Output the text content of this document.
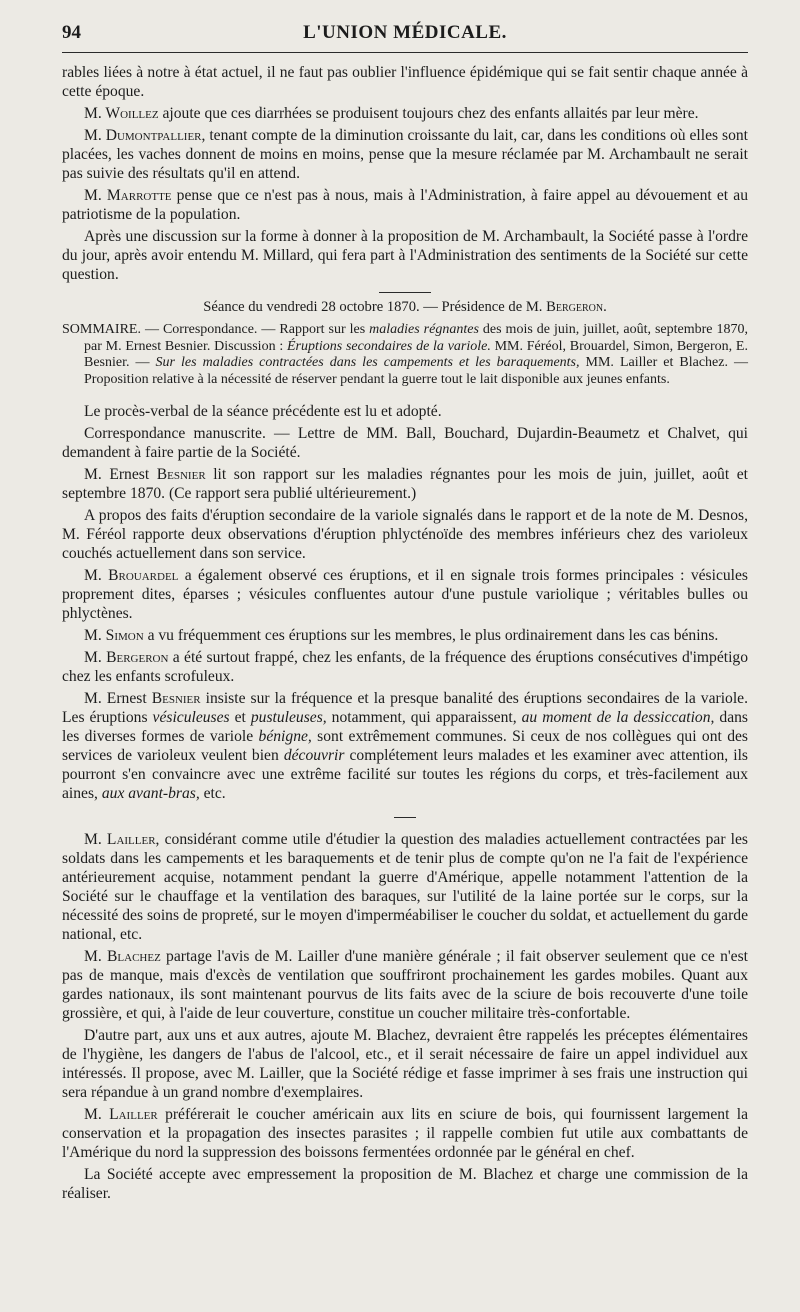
94	L'UNION MÉDICALE.

rables liées à notre à état actuel, il ne faut pas oublier l'influence épidémique qui se fait sentir chaque année à cette époque.

M. Woillez ajoute que ces diarrhées se produisent toujours chez des enfants allaités par leur mère.

M. Dumontpallier, tenant compte de la diminution croissante du lait, car, dans les conditions où elles sont placées, les vaches donnent de moins en moins, pense que la mesure réclamée par M. Archambault ne serait pas suivie des résultats qu'il en attend.

M. Marrotte pense que ce n'est pas à nous, mais à l'Administration, à faire appel au dévouement et au patriotisme de la population.

Après une discussion sur la forme à donner à la proposition de M. Archambault, la Société passe à l'ordre du jour, après avoir entendu M. Millard, qui fera part à l'Administration des sentiments de la Société sur cette question.

Séance du vendredi 28 octobre 1870. — Présidence de M. Bergeron.

SOMMAIRE. — Correspondance. — Rapport sur les maladies régnantes des mois de juin, juillet, août, septembre 1870, par M. Ernest Besnier. Discussion : Éruptions secondaires de la variole. MM. Féréol, Brouardel, Simon, Bergeron, E. Besnier. — Sur les maladies contractées dans les campements et les baraquements, MM. Lailler et Blachez. — Proposition relative à la nécessité de réserver pendant la guerre tout le lait disponible aux jeunes enfants.

Le procès-verbal de la séance précédente est lu et adopté.

Correspondance manuscrite. — Lettre de MM. Ball, Bouchard, Dujardin-Beaumetz et Chalvet, qui demandent à faire partie de la Société.

M. Ernest Besnier lit son rapport sur les maladies régnantes pour les mois de juin, juillet, août et septembre 1870. (Ce rapport sera publié ultérieurement.)

A propos des faits d'éruption secondaire de la variole signalés dans le rapport et de la note de M. Desnos, M. Féréol rapporte deux observations d'éruption phlycténoïde des membres inférieurs chez des varioleux couchés actuellement dans son service.

M. Brouardel a également observé ces éruptions, et il en signale trois formes principales : vésicules proprement dites, éparses ; vésicules confluentes autour d'une pustule variolique ; véritables bulles ou phlyctènes.

M. Simon a vu fréquemment ces éruptions sur les membres, le plus ordinairement dans les cas bénins.

M. Bergeron a été surtout frappé, chez les enfants, de la fréquence des éruptions consécutives d'impétigo chez les enfants scrofuleux.

M. Ernest Besnier insiste sur la fréquence et la presque banalité des éruptions secondaires de la variole. Les éruptions vésiculeuses et pustuleuses, notamment, qui apparaissent, au moment de la dessiccation, dans les diverses formes de variole bénigne, sont extrêmement communes. Si ceux de nos collègues qui ont des services de varioleux veulent bien découvrir complétement leurs malades et les examiner avec attention, ils pourront s'en convaincre avec une extrême facilité sur toutes les régions du corps, et très-facilement aux aines, aux avant-bras, etc.

M. Lailler, considérant comme utile d'étudier la question des maladies actuellement contractées par les soldats dans les campements et les baraquements et de tenir plus de compte qu'on ne l'a fait de l'expérience antérieurement acquise, notamment pendant la guerre d'Amérique, appelle notamment l'attention de la Société sur le chauffage et la ventilation des baraques, sur l'utilité de la laine portée sur le corps, sur la nécessité des soins de propreté, sur le moyen d'imperméabiliser le coucher du soldat, et actuellement du garde national, etc.

M. Blachez partage l'avis de M. Lailler d'une manière générale ; il fait observer seulement que ce n'est pas de manque, mais d'excès de ventilation que souffriront prochainement les gardes mobiles. Quant aux gardes nationaux, ils sont maintenant pourvus de lits faits avec de la sciure de bois recouverte d'une toile grossière, et qui, à l'aide de leur couverture, constitue un coucher militaire très-confortable.

D'autre part, aux uns et aux autres, ajoute M. Blachez, devraient être rappelés les préceptes élémentaires de l'hygiène, les dangers de l'abus de l'alcool, etc., et il serait nécessaire de faire un appel individuel aux intéressés. Il propose, avec M. Lailler, que la Société rédige et fasse imprimer à ses frais une instruction qui sera répandue à un grand nombre d'exemplaires.

M. Lailler préférerait le coucher américain aux lits en sciure de bois, qui fournissent largement la conservation et la propagation des insectes parasites ; il rappelle combien fut utile aux combattants de l'Amérique du nord la suppression des boissons fermentées ordonnée par le général en chef.

La Société accepte avec empressement la proposition de M. Blachez et charge une commission de la réaliser.
